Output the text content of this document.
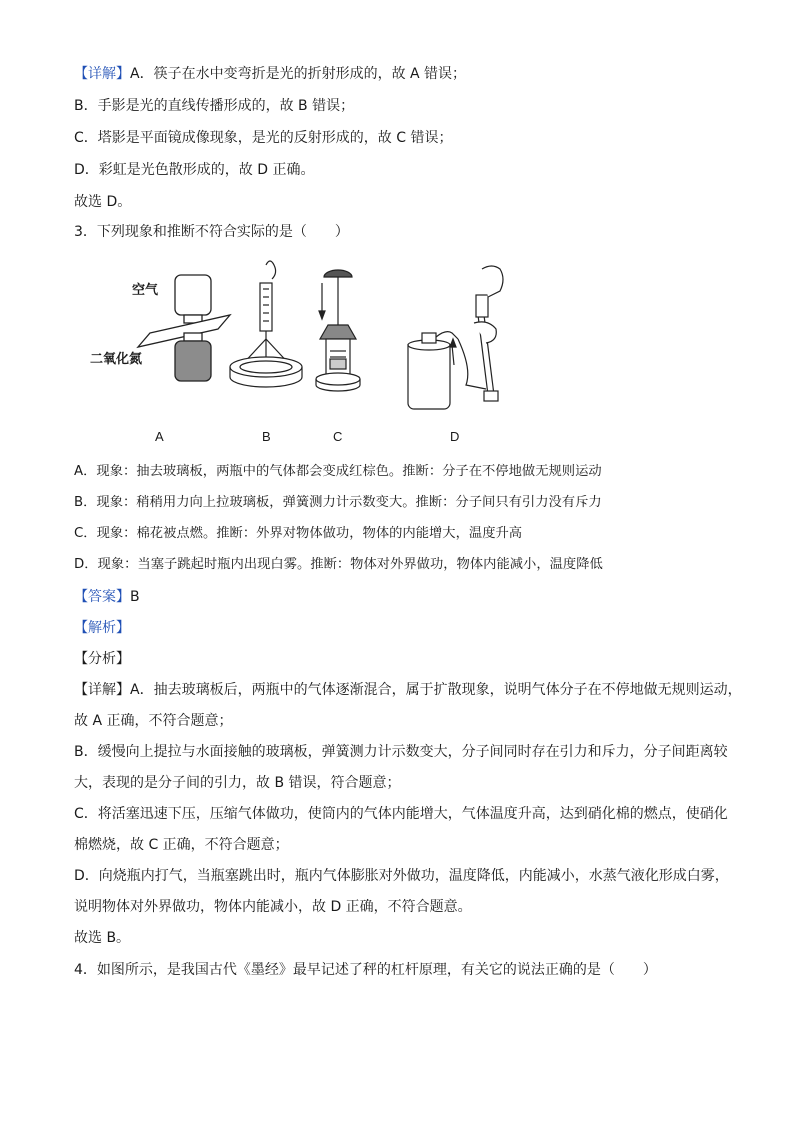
【详解】A．筷子在水中变弯折是光的折射形成的，故 A 错误；
B．手影是光的直线传播形成的，故 B 错误；
C．塔影是平面镜成像现象，是光的反射形成的，故 C 错误；
D．彩虹是光色散形成的，故 D 正确。
故选 D。
3．下列现象和推断不符合实际的是（　　）
空气
二氧化氮
A	B	C	D
A．现象：抽去玻璃板，两瓶中的气体都会变成红棕色。推断：分子在不停地做无规则运动
B．现象：稍稍用力向上拉玻璃板，弹簧测力计示数变大。推断：分子间只有引力没有斥力
C．现象：棉花被点燃。推断：外界对物体做功，物体的内能增大，温度升高
D．现象：当塞子跳起时瓶内出现白雾。推断：物体对外界做功，物体内能减小，温度降低
【答案】B
【解析】
【分析】
【详解】A．抽去玻璃板后，两瓶中的气体逐渐混合，属于扩散现象，说明气体分子在不停地做无规则运动，
故 A 正确，不符合题意；
B．缓慢向上提拉与水面接触的玻璃板，弹簧测力计示数变大，分子间同时存在引力和斥力，分子间距离较
大，表现的是分子间的引力，故 B 错误，符合题意；
C．将活塞迅速下压，压缩气体做功，使筒内的气体内能增大，气体温度升高，达到硝化棉的燃点，使硝化
棉燃烧，故 C 正确，不符合题意；
D．向烧瓶内打气，当瓶塞跳出时，瓶内气体膨胀对外做功，温度降低，内能减小，水蒸气液化形成白雾，
说明物体对外界做功，物体内能减小，故 D 正确，不符合题意。
故选 B。
4．如图所示，是我国古代《墨经》最早记述了秤的杠杆原理，有关它的说法正确的是（　　）
